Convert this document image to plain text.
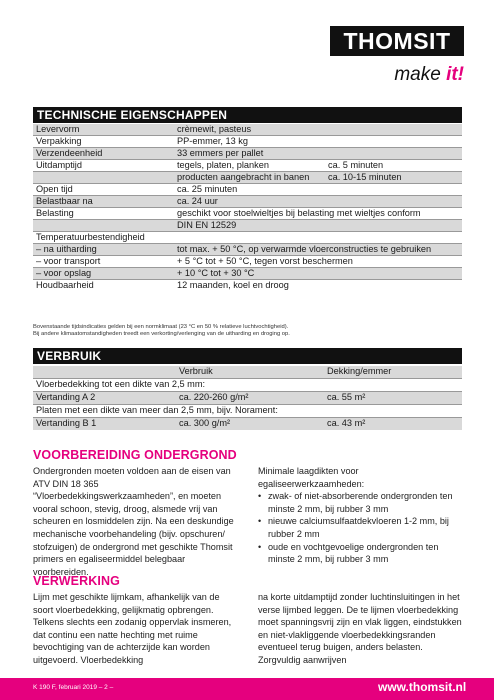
THOMSIT
make it!
TECHNISCHE EIGENSCHAPPEN
Levervorm	crèmewit, pasteus	
Verpakking	PP-emmer, 13 kg	
Verzendeenheid	33 emmers per pallet	
Uitdamptijd	tegels, platen, planken	ca. 5 minuten
	producten aangebracht in banen	ca. 10-15 minuten
Open tijd	ca. 25 minuten	
Belastbaar na	ca. 24 uur	
Belasting	geschikt voor stoelwieltjes bij belasting met wieltjes conform	
	DIN EN 12529	
Temperatuurbestendigheid		
– na uitharding	tot max. + 50 °C, op verwarmde vloerconstructies te gebruiken	
– voor transport	+ 5 °C tot + 50 °C, tegen vorst beschermen	
– voor opslag	+ 10 °C tot + 30 °C	
Houdbaarheid	12 maanden, koel en droog	
Bovenstaande tijdsindicaties gelden bij een normklimaat (23 °C en 50 % relatieve luchtvochtigheid).
Bij andere klimaatomstandigheden treedt een verkorting/verlenging van de uitharding en droging op.
VERBRUIK
	Verbruik	Dekking/emmer
Vloerbedekking tot een dikte van 2,5 mm:		
Vertanding A 2	ca. 220-260 g/m²	ca. 55 m²
Platen met een dikte van meer dan 2,5 mm, bijv. Norament:		
Vertanding B 1	ca. 300 g/m²	ca. 43 m²
VOORBEREIDING ONDERGROND
Ondergronden moeten voldoen aan de eisen van ATV DIN 18 365 “Vloerbedekkingswerkzaamheden”, en moeten vooral schoon, stevig, droog, alsmede vrij van scheuren en losmiddelen zijn. Na een deskundige mechanische voorbehandeling (bijv. opschuren/ stofzuigen) de ondergrond met geschikte Thomsit primers en egaliseermiddel belegbaar voorbereiden.
Minimale laagdikten voor egaliseerwerkzaamheden:
• zwak- of niet-absorberende ondergronden ten minste 2 mm, bij rubber 3 mm
• nieuwe calciumsulfaatdekvloeren 1-2 mm, bij rubber 2 mm
• oude en vochtgevoelige ondergronden ten minste 2 mm, bij rubber 3 mm
VERWERKING
Lijm met geschikte lijmkam, afhankelijk van de soort vloerbedekking, gelijkmatig opbrengen. Telkens slechts een zodanig oppervlak insmeren, dat continu een natte hechting met ruime bevochtiging van de achterzijde kan worden uitgevoerd. Vloerbedekking
na korte uitdamptijd zonder luchtinsluitingen in het verse lijmbed leggen. De te lijmen vloerbedekking moet spanningsvrij zijn en vlak liggen, eindstukken en niet-vlakliggende vloerbedekkingsranden eventueel terug buigen, anders belasten. Zorgvuldig aanwrijven
K 190 F, februari 2019 – 2 –	www.thomsit.nl
